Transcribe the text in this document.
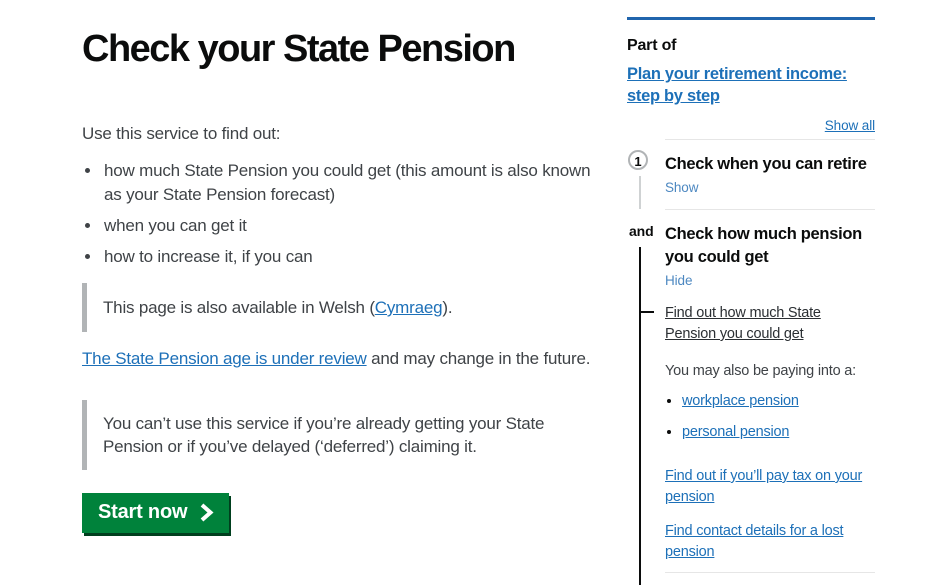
Check your State Pension

Use this service to find out:

• how much State Pension you could get (this amount is also known as your State Pension forecast)
• when you can get it
• how to increase it, if you can
This page is also available in Welsh (Cymraeg).

The State Pension age is under review and may change in the future.

You can’t use this service if you’re already getting your State Pension or if you’ve delayed (‘deferred’) claiming it.
Start now
Part of
Plan your retirement income: step by step
Show all
1	Check when you can retire
Show
and Check how much pension you could get
Hide
Find out how much State Pension you could get
You may also be paying into a:
• workplace pension
• personal pension
Find out if you’ll pay tax on your pension Find contact details for a lost pension
